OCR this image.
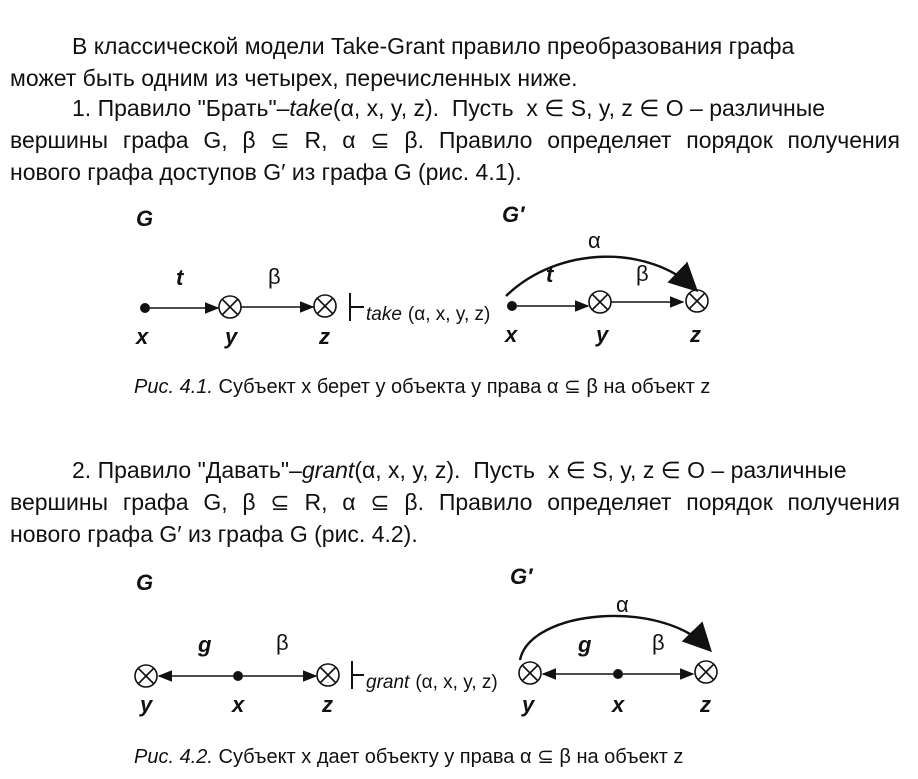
В классической модели Take-Grant правило преобразования графа
может быть одним из четырех, перечисленных ниже.
1. Правило "Брать"–take(α, x, y, z). Пусть x ∈ S, y, z ∈ O – различные
вершины графа G, β ⊆ R, α ⊆ β. Правило определяет порядок получения
нового графа доступов G′ из графа G (рис. 4.1).
G	G′
t	β
x	y	z
take (α, x, y, z)
α
t	β
x	y	z
Рис. 4.1. Субъект x берет у объекта y права α ⊆ β на объект z
2. Правило "Давать"–grant(α, x, y, z). Пусть x ∈ S, y, z ∈ O – различные
вершины графа G, β ⊆ R, α ⊆ β. Правило определяет порядок получения
нового графа G′ из графа G (рис. 4.2).
G	G′
g	β
y	x	z
grant (α, x, y, z)
α
g	β
y	x	z
Рис. 4.2. Субъект x дает объекту y права α ⊆ β на объект z
